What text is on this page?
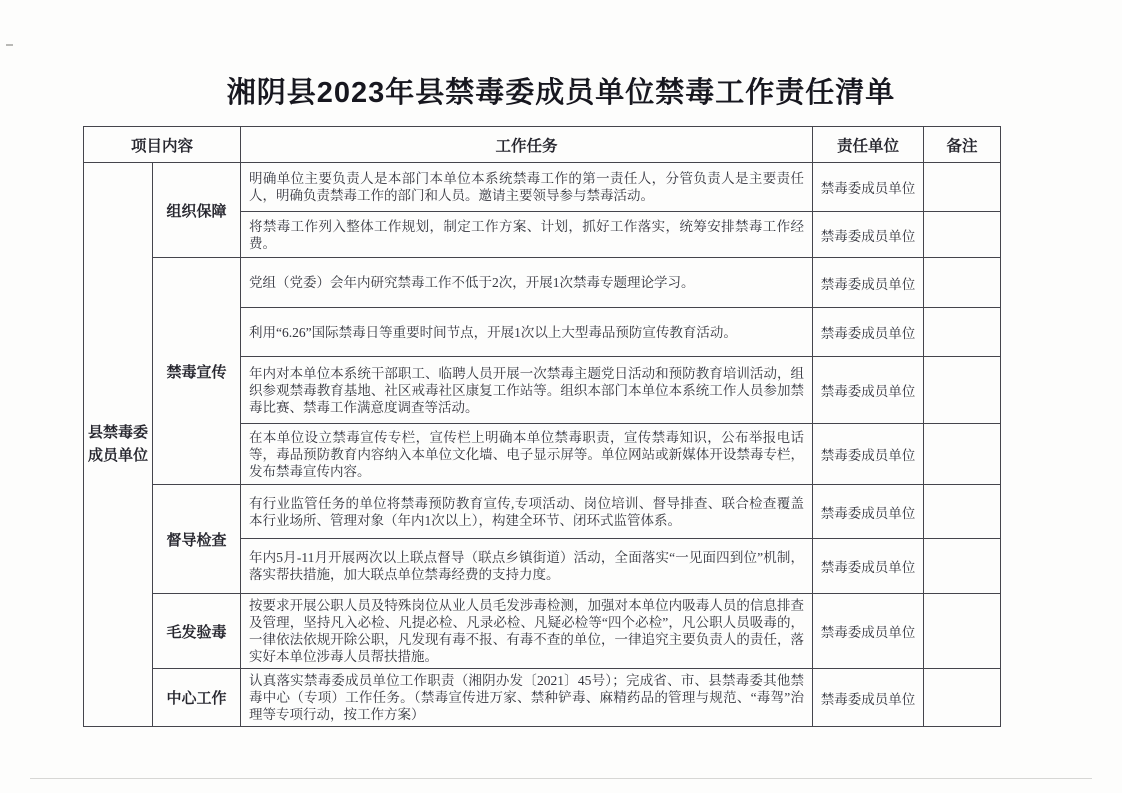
湘阴县2023年县禁毒委成员单位禁毒工作责任清单
项目内容		工作任务	责任单位	备注
县禁毒委成员单位	组织保障	明确单位主要负责人是本部门本单位本系统禁毒工作的第一责任人，分管负责人是主要责任人，明确负责禁毒工作的部门和人员。邀请主要领导参与禁毒活动。	禁毒委成员单位	
		将禁毒工作列入整体工作规划，制定工作方案、计划，抓好工作落实，统筹安排禁毒工作经费。	禁毒委成员单位	
	禁毒宣传	党组（党委）会年内研究禁毒工作不低于2次，开展1次禁毒专题理论学习。	禁毒委成员单位	
		利用“6.26”国际禁毒日等重要时间节点，开展1次以上大型毒品预防宣传教育活动。	禁毒委成员单位	
		年内对本单位本系统干部职工、临聘人员开展一次禁毒主题党日活动和预防教育培训活动，组织参观禁毒教育基地、社区戒毒社区康复工作站等。组织本部门本单位本系统工作人员参加禁毒比赛、禁毒工作满意度调查等活动。	禁毒委成员单位	
		在本单位设立禁毒宣传专栏，宣传栏上明确本单位禁毒职责，宣传禁毒知识，公布举报电话等，毒品预防教育内容纳入本单位文化墙、电子显示屏等。单位网站或新媒体开设禁毒专栏，发布禁毒宣传内容。	禁毒委成员单位	
	督导检查	有行业监管任务的单位将禁毒预防教育宣传,专项活动、岗位培训、督导排查、联合检查覆盖本行业场所、管理对象（年内1次以上），构建全环节、闭环式监管体系。	禁毒委成员单位	
		年内5月-11月开展两次以上联点督导（联点乡镇街道）活动，全面落实“一见面四到位”机制，落实帮扶措施，加大联点单位禁毒经费的支持力度。	禁毒委成员单位	
	毛发验毒	按要求开展公职人员及特殊岗位从业人员毛发涉毒检测，加强对本单位内吸毒人员的信息排查及管理，坚持凡入必检、凡提必检、凡录必检、凡疑必检等“四个必检”，凡公职人员吸毒的，一律依法依规开除公职，凡发现有毒不报、有毒不查的单位，一律追究主要负责人的责任，落实好本单位涉毒人员帮扶措施。	禁毒委成员单位	
	中心工作	认真落实禁毒委成员单位工作职责（湘阴办发〔2021〕45号）；完成省、市、县禁毒委其他禁毒中心（专项）工作任务。（禁毒宣传进万家、禁种铲毒、麻精药品的管理与规范、“毒驾”治理等专项行动，按工作方案）	禁毒委成员单位	
